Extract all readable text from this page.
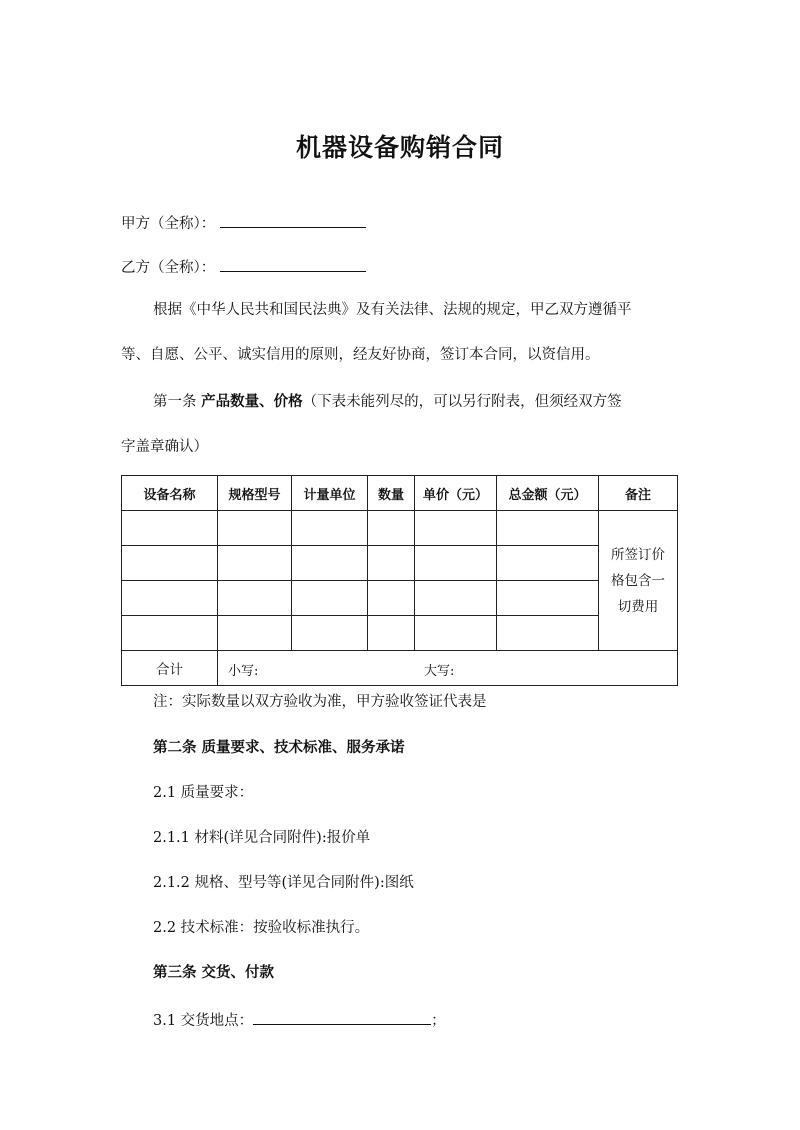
机器设备购销合同
甲方（全称）：
乙方（全称）：
根据《中华人民共和国民法典》及有关法律、法规的规定，甲乙双方遵循平
等、自愿、公平、诚实信用的原则，经友好协商，签订本合同，以资信用。
第一条 产品数量、价格（下表未能列尽的，可以另行附表，但须经双方签
字盖章确认）
设备名称	规格型号	计量单位	数量	单价（元）	总金额（元）	备注

						所签订价
格包含一
切费用

合计	小写: 大写:					
注：实际数量以双方验收为准，甲方验收签证代表是
第二条 质量要求、技术标准、服务承诺
2.1 质量要求：
2.1.1 材料(详见合同附件):报价单
2.1.2 规格、型号等(详见合同附件):图纸
2.2 技术标准：按验收标准执行。
第三条 交货、付款
3.1 交货地点：	；
